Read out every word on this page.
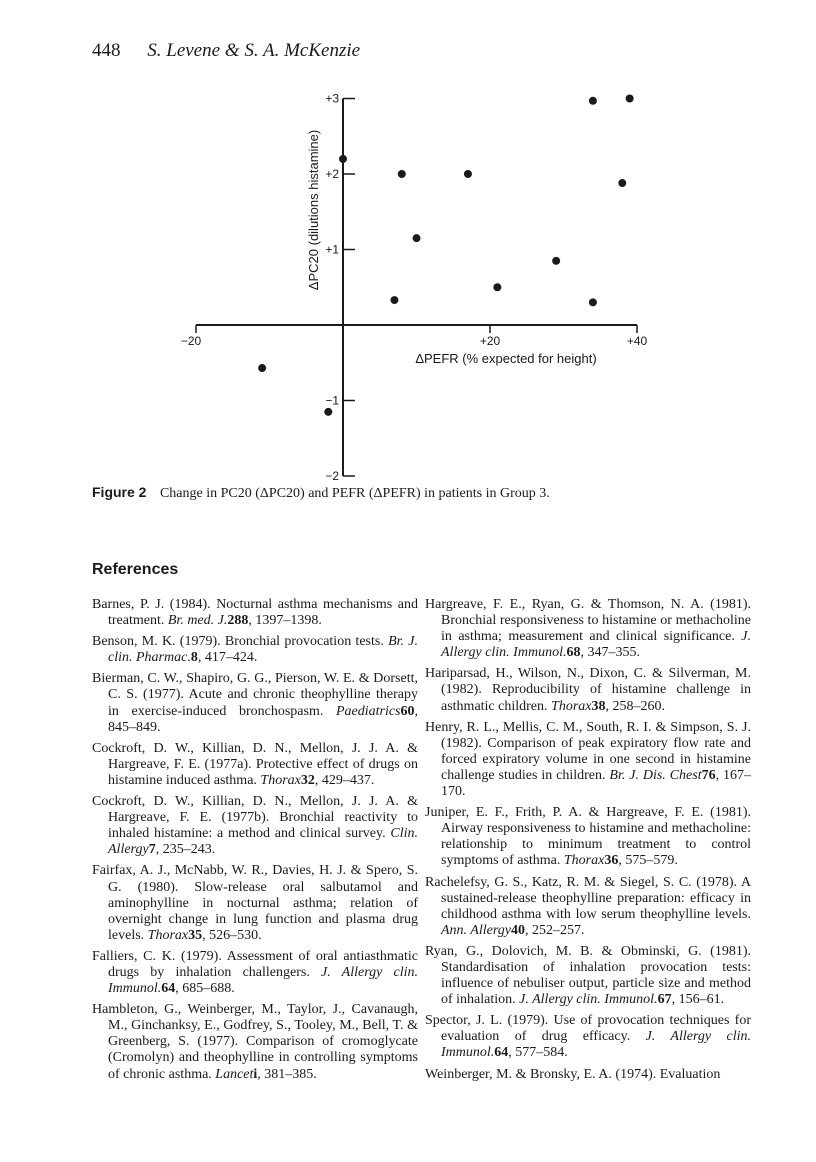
448 S. Levene & S. A. McKenzie
−20	+20	+40
+3
+2
+1
−1
−2
ΔPEFR (% expected for height)
ΔPC20 (dilutions histamine)
Figure 2 Change in PC20 (ΔPC20) and PEFR (ΔPEFR) in patients in Group 3.
References
Barnes, P. J. (1984). Nocturnal asthma mechanisms and treatment. Br. med. J.288, 1397–1398.
Benson, M. K. (1979). Bronchial provocation tests. Br. J. clin. Pharmac.8, 417–424.
Bierman, C. W., Shapiro, G. G., Pierson, W. E. & Dorsett, C. S. (1977). Acute and chronic theophylline therapy in exercise-induced bronchospasm. Paediatrics60, 845–849.
Cockroft, D. W., Killian, D. N., Mellon, J. J. A. & Hargreave, F. E. (1977a). Protective effect of drugs on histamine induced asthma. Thorax32, 429–437.
Cockroft, D. W., Killian, D. N., Mellon, J. J. A. & Hargreave, F. E. (1977b). Bronchial reactivity to inhaled histamine: a method and clinical survey. Clin. Allergy7, 235–243.
Fairfax, A. J., McNabb, W. R., Davies, H. J. & Spero, S. G. (1980). Slow-release oral salbutamol and aminophylline in nocturnal asthma; relation of overnight change in lung function and plasma drug levels. Thorax35, 526–530.
Falliers, C. K. (1979). Assessment of oral antiasthmatic drugs by inhalation challengers. J. Allergy clin. Immunol.64, 685–688.
Hambleton, G., Weinberger, M., Taylor, J., Cavanaugh, M., Ginchanksy, E., Godfrey, S., Tooley, M., Bell, T. & Greenberg, S. (1977). Comparison of cromoglycate (Cromolyn) and theophylline in controlling symptoms of chronic asthma. Lanceti, 381–385.
Hargreave, F. E., Ryan, G. & Thomson, N. A. (1981). Bronchial responsiveness to histamine or methacholine in asthma; measurement and clinical significance. J. Allergy clin. Immunol.68, 347–355.
Hariparsad, H., Wilson, N., Dixon, C. & Silverman, M. (1982). Reproducibility of histamine challenge in asthmatic children. Thorax38, 258–260.
Henry, R. L., Mellis, C. M., South, R. I. & Simpson, S. J. (1982). Comparison of peak expiratory flow rate and forced expiratory volume in one second in histamine challenge studies in children. Br. J. Dis. Chest76, 167–170.
Juniper, E. F., Frith, P. A. & Hargreave, F. E. (1981). Airway responsiveness to histamine and methacholine: relationship to minimum treatment to control symptoms of asthma. Thorax36, 575–579.
Rachelefsy, G. S., Katz, R. M. & Siegel, S. C. (1978). A sustained-release theophylline preparation: efficacy in childhood asthma with low serum theophylline levels. Ann. Allergy40, 252–257.
Ryan, G., Dolovich, M. B. & Obminski, G. (1981). Standardisation of inhalation provocation tests: influence of nebuliser output, particle size and method of inhalation. J. Allergy clin. Immunol.67, 156–61.
Spector, J. L. (1979). Use of provocation techniques for evaluation of drug efficacy. J. Allergy clin. Immunol.64, 577–584.
Weinberger, M. & Bronsky, E. A. (1974). Evaluation
